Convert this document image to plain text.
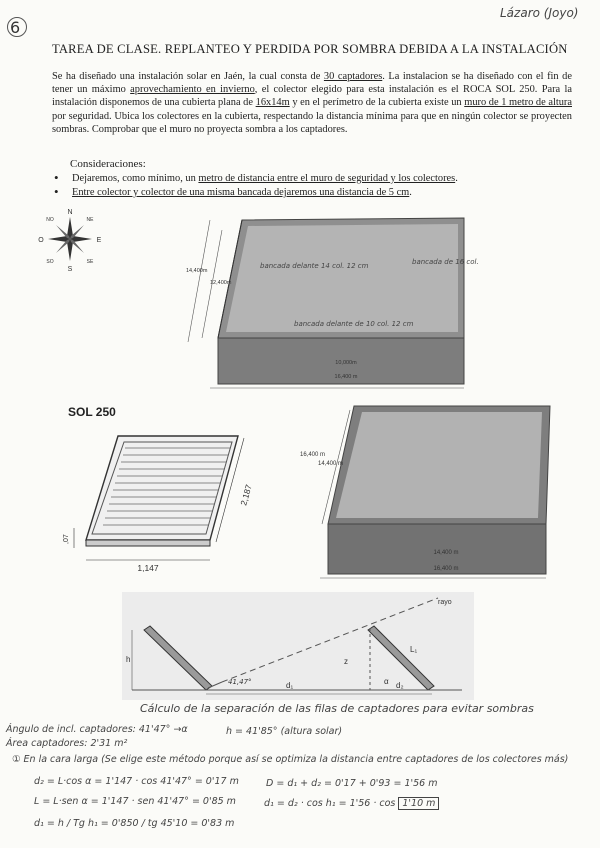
6
Lázaro (Joyo)
TAREA DE CLASE. REPLANTEO Y PERDIDA POR SOMBRA DEBIDA A LA INSTALACIÓN
Se ha diseñado una instalación solar en Jaén, la cual consta de 30 captadores. La instalacion se ha diseñado con el fin de tener un máximo aprovechamiento en invierno, el colector elegido para esta instalación es el ROCA SOL 250. Para la instalación disponemos de una cubierta plana de 16x14m y en el perímetro de la cubierta existe un muro de 1 metro de altura por seguridad. Ubica los colectores en la cubierta, respectando la distancia mínima para que en ningún colector se proyecten sombras. Comprobar que el muro no proyecta sombra a los captadores.
Consideraciones:
• Dejaremos, como mínimo, un metro de distancia entre el muro de seguridad y los colectores.
• Entre colector y colector de una misma bancada dejaremos una distancia de 5 cm.
N
S
E
O
NE
NO
SE
SO
14,400m
12,400m
10,000m
16,400 m
bancada delante 14 col. 12 cm	bancada de 16 col.
bancada delante de 10 col. 12 cm
SOL 250
1,147
2,187
,07
16,400 m
14,400 m
14,400 m
16,400 m
rayo
h
41,47°	d₁	d₂
z
L₁
α
Cálculo de la separación de las filas de captadores para evitar sombras
Ángulo de incl. captadores: 41'47° →α
Área captadores: 2'31 m²
h = 41'85° (altura solar)
① En la cara larga (Se elige este método porque así se optimiza la distancia entre captadores de los colectores más)
d₂ = L·cos α = 1'147 · cos 41'47° = 0'17 m	D = d₁ + d₂ = 0'17 + 0'93 = 1'56 m
L = L·sen α = 1'147 · sen 41'47° = 0'85 m	d₁ = d₂ · cos h₁ = 1'56 · cos 1'10 m
d₁ = h / Tg h₁ = 0'850 / tg 45'10 = 0'83 m
